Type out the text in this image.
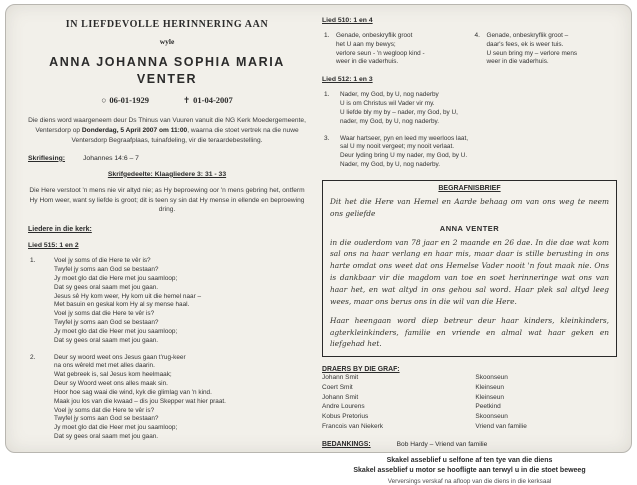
IN LIEFDEVOLLE HERINNERING AAN
wyle
ANNA JOHANNA SOPHIA MARIA
VENTER
○ 06-01-1929	✝ 01-04-2007
Die diens word waargeneem deur Ds Thinus van Vuuren vanuit die NG Kerk Moedergemeente, Ventersdorp op Donderdag, 5 April 2007 om 11:00, waarna die stoet vertrek na die nuwe Ventersdorp Begraafplaas, tuinafdeling, vir die teraardebestelling.
Skriflesing:	Johannes 14:6 – 7
Skrifgedeelte: Klaagliedere 3: 31 - 33
Die Here verstoot 'n mens nie vir altyd nie; as Hy beproewing oor 'n mens gebring het, ontferm Hy Hom weer, want sy liefde is groot; dit is teen sy sin dat Hy mense in ellende en beproewing dring.
Liedere in die kerk:
Lied 515: 1 en 2
1.	Voel jy soms of die Here te vêr is?
Twyfel jy soms aan God se bestaan?
Jy moet glo dat die Here met jou saamloop;
Dat sy gees oral saam met jou gaan.
Jesus sê Hy kom weer, Hy kom uit die hemel naar –
Met basuin en geskal kom Hy al sy mense haal.
Voel jy soms dat die Here te vêr is?
Twyfel jy soms aan God se bestaan?
Jy moet glo dat die Heer met jou saamloop;
Dat sy gees oral saam met jou gaan.
2.	Deur sy woord weet ons Jesus gaan t'rug-keer
na ons wêreld met met alles daarin.
Wat gebreek is, sal Jesus kom heelmaak;
Deur sy Woord weet ons alles maak sin.
Hoor hoe sag waai die wind, kyk die glimlag van 'n kind.
Maak jou los van die kwaad – dis jou Skepper wat hier praat.
Voel jy soms dat die Here te vêr is?
Twyfel jy soms aan God se bestaan?
Jy moet glo dat die Heer met jou saamloop;
Dat sy gees oral saam met jou gaan.
Lied 510: 1 en 4
1.	Genade, onbeskryflik groot
het U aan my bewys;
verlore seun - 'n wegloop kind -
weer in die vaderhuis.
4.	Genade, onbeskryflik groot –
daar's fees, ek is weer tuis.
U seun bring my – verlore mens
weer in die vaderhuis.
Lied 512: 1 en 3
1.	Nader, my God, by U, nog naderby
U is om Christus wil Vader vir my.
U liefde bly my by – nader, my God, by U,
nader, my God, by U, nog naderby.
3.	Waar hartseer, pyn en leed my weerloos laat,
sal U my nooit vergeet; my nooit verlaat.
Deur lyding bring U my nader, my God, by U.
Nader, my God, by U, nog naderby.
BEGRAFNISBRIEF
Dit het die Here van Hemel en Aarde behaag om van ons weg te neem ons geliefde
ANNA VENTER
in die ouderdom van 78 jaar en 2 maande en 26 dae. In die dae wat kom sal ons na haar verlang en haar mis, maar daar is stille berusting in ons harte omdat ons weet dat ons Hemelse Vader nooit 'n fout maak nie. Ons is dankbaar vir die magdom van toe en soet herinneringe wat ons van haar het, en wat altyd in ons gehou sal word. Haar plek sal altyd leeg wees, maar ons berus ons in die wil van die Here.
Haar heengaan word diep betreur deur haar kinders, kleinkinders, agterkleinkinders, familie en vriende en almal wat haar geken en liefgehad het.
DRAERS BY DIE GRAF:
Johann Smit	Skoonseun
Coert Smit	Kleinseun
Johann Smit	Kleinseun
Andre Lourens	Peetkind
Kobus Pretorius	Skoonseun
Francois van Niekerk	Vriend van familie
BEDANKINGS:	Bob Hardy – Vriend van familie
Skakel asseblief u selfone af ten tye van die diens
Skakel asseblief u motor se hoofligte aan terwyl u in die stoet beweeg
Verversings verskaf na afloop van die diens in die kerksaal
